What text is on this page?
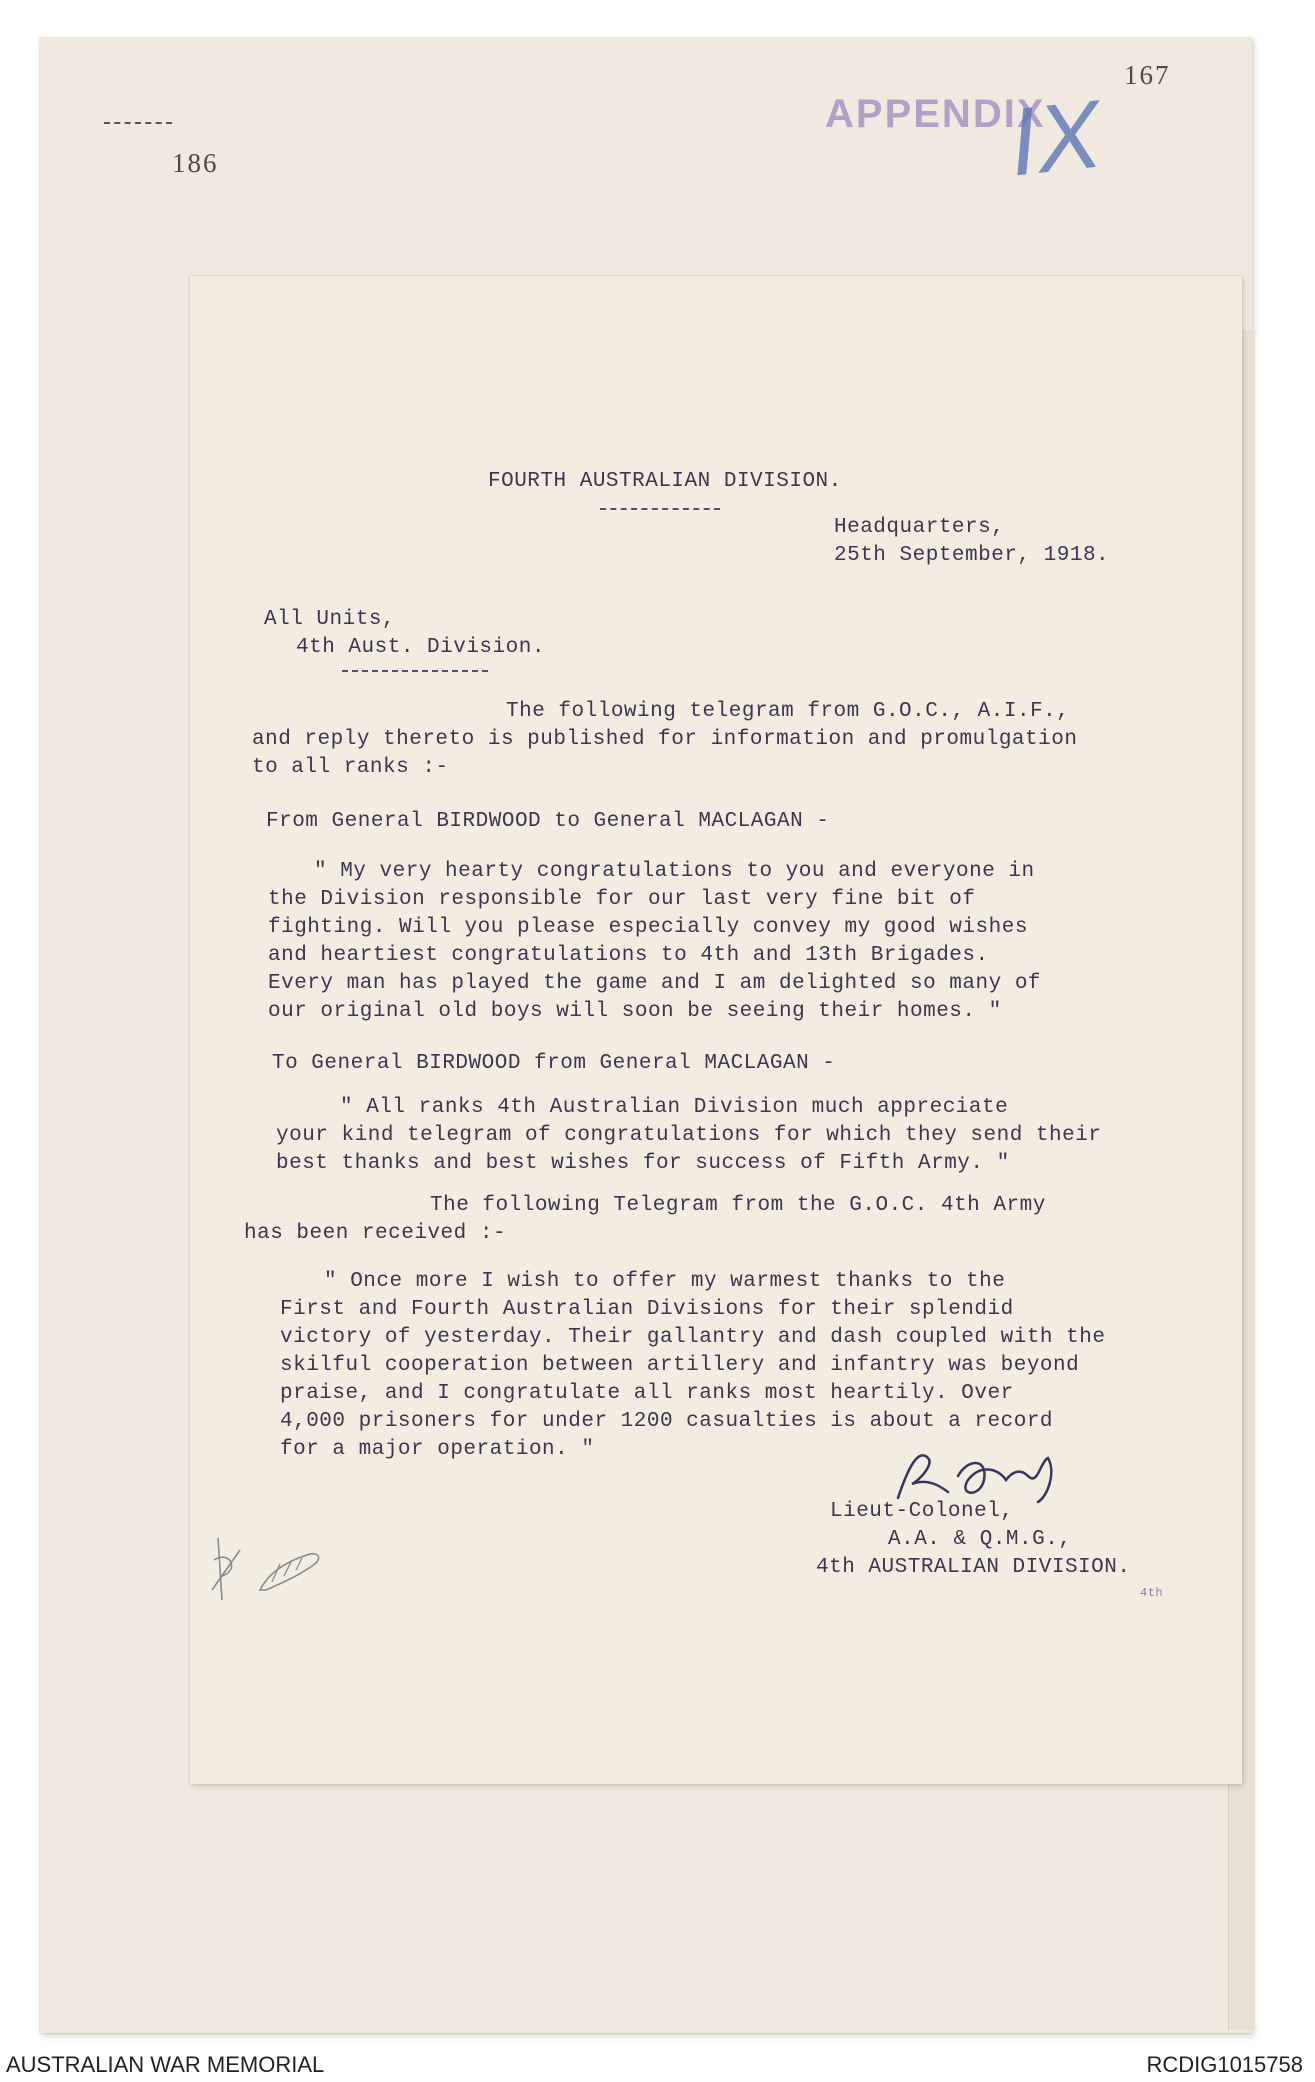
186
167
APPENDIX
IX
FOURTH AUSTRALIAN DIVISION.
Headquarters,
25th September, 1918.
All Units,
4th Aust. Division.
The following telegram from G.O.C., A.I.F.,
and reply thereto is published for information and promulgation
to all ranks :-
From General BIRDWOOD to General MACLAGAN -
" My very hearty congratulations to you and everyone in
the Division responsible for our last very fine bit of
fighting. Will you please especially convey my good wishes
and heartiest congratulations to 4th and 13th Brigades.
Every man has played the game and I am delighted so many of
our original old boys will soon be seeing their homes. "
To General BIRDWOOD from General MACLAGAN -
" All ranks 4th Australian Division much appreciate
your kind telegram of congratulations for which they send their
best thanks and best wishes for success of Fifth Army. "
The following Telegram from the G.O.C. 4th Army
has been received :-
" Once more I wish to offer my warmest thanks to the
First and Fourth Australian Divisions for their splendid
victory of yesterday. Their gallantry and dash coupled with the
skilful cooperation between artillery and infantry was beyond
praise, and I congratulate all ranks most heartily. Over
4,000 prisoners for under 1200 casualties is about a record
for a major operation. "
Lieut-Colonel,
A.A. & Q.M.G.,
4th AUSTRALIAN DIVISION.
4th
AUSTRALIAN WAR MEMORIAL	RCDIG1015758
